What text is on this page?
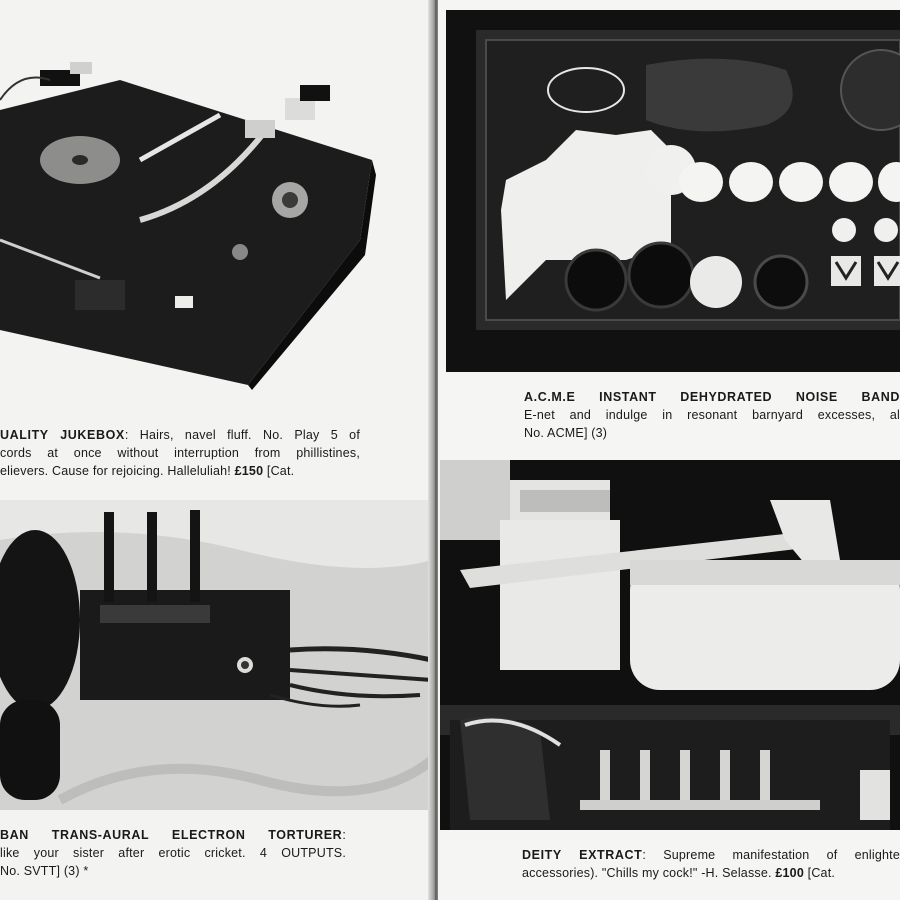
UALITY JUKEBOX: Hairs, navel fluff. No. Play 5 of
cords at once without interruption from phillistines,
elievers. Cause for rejoicing. Halleluliah! £150 [Cat.
BAN TRANS-AURAL ELECTRON TORTURER:
like your sister after erotic cricket. 4 OUTPUTS.
No. SVTT] (3) *
A.C.M.E INSTANT DEHYDRATED NOISE BAND
E-net and indulge in resonant barnyard excesses, al
No. ACME] (3)
DEITY EXTRACT: Supreme manifestation of enlighte
accessories). "Chills my cock!" -H. Selasse. £100 [Cat.
